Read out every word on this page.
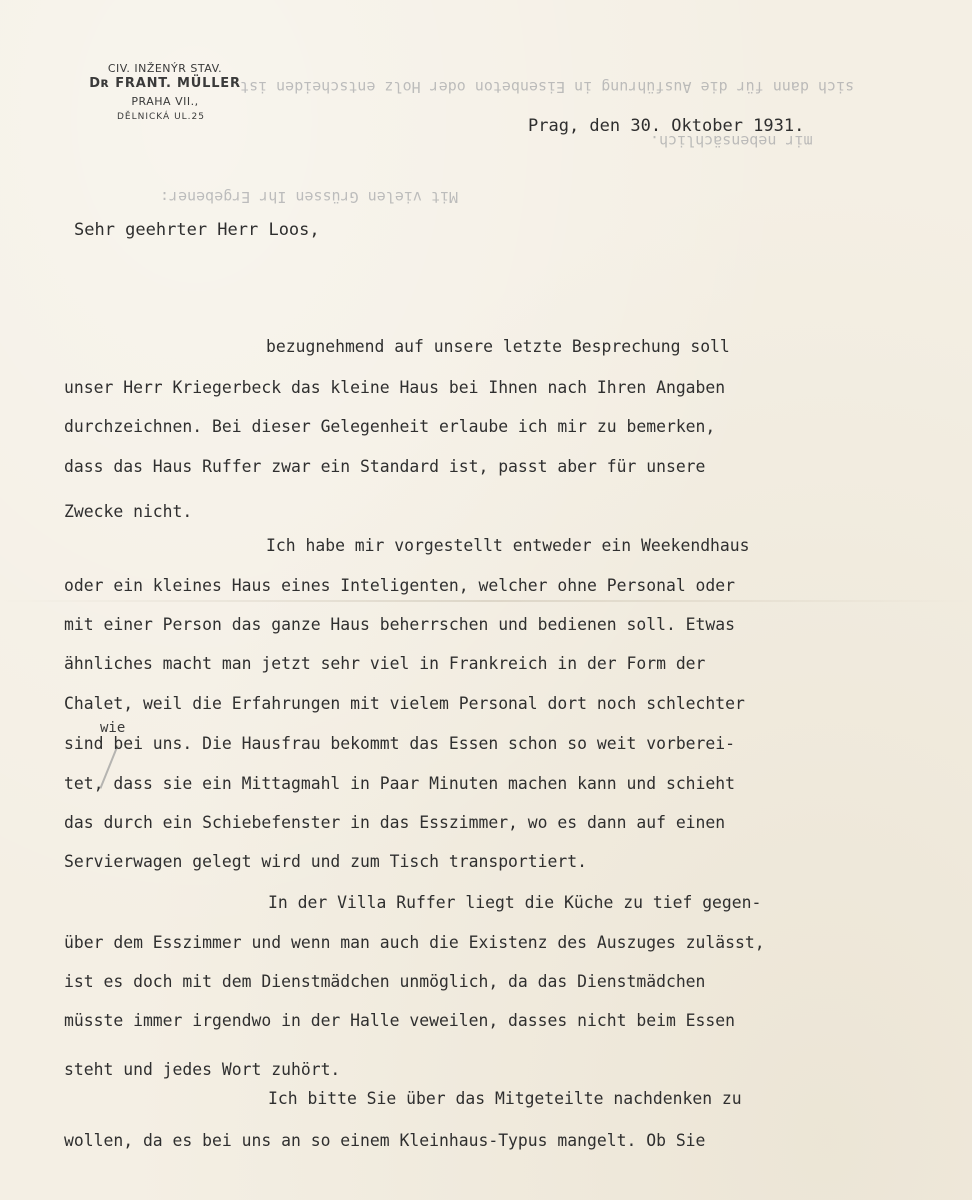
CIV. INŽENÝR STAV.
Dʀ FRANT. MÜLLER
PRAHA VII.,
DĚLNICKÁ UL.25
sich dann für die Ausführung in Eisenbeton oder Holz entscheiden ist
mir nebensächlich.
Mit vielen Grüssen Ihr Ergebener:
Prag, den 30. Oktober 1931.
Sehr geehrter Herr Loos,
bezugnehmend auf unsere letzte Besprechung soll
unser Herr Kriegerbeck das kleine Haus bei Ihnen nach Ihren Angaben
durchzeichnen. Bei dieser Gelegenheit erlaube ich mir zu bemerken,
dass das Haus Ruffer zwar ein Standard ist, passt aber für unsere
Zwecke nicht.
Ich habe mir vorgestellt entweder ein Weekendhaus
oder ein kleines Haus eines Inteligenten, welcher ohne Personal oder
mit einer Person das ganze Haus beherrschen und bedienen soll. Etwas
ähnliches macht man jetzt sehr viel in Frankreich in der Form der
Chalet, weil die Erfahrungen mit vielem Personal dort noch schlechter
wie
sind bei uns. Die Hausfrau bekommt das Essen schon so weit vorberei-
tet, dass sie ein Mittagmahl in Paar Minuten machen kann und schieht
das durch ein Schiebefenster in das Esszimmer, wo es dann auf einen
Servierwagen gelegt wird und zum Tisch transportiert.
In der Villa Ruffer liegt die Küche zu tief gegen-
über dem Esszimmer und wenn man auch die Existenz des Auszuges zulässt,
ist es doch mit dem Dienstmädchen unmöglich, da das Dienstmädchen
müsste immer irgendwo in der Halle veweilen, dasses nicht beim Essen
steht und jedes Wort zuhört.
Ich bitte Sie über das Mitgeteilte nachdenken zu
wollen, da es bei uns an so einem Kleinhaus-Typus mangelt. Ob Sie
